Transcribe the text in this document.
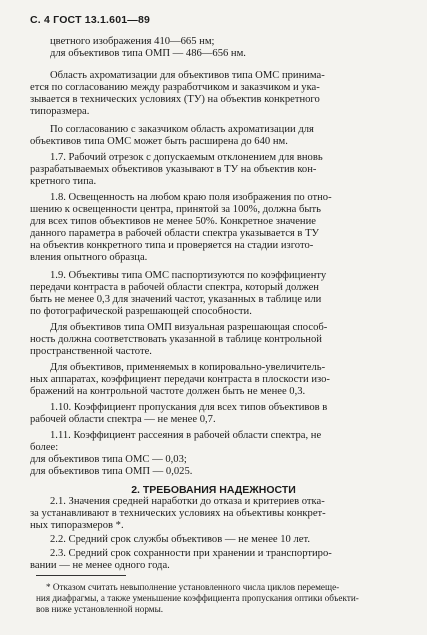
С. 4 ГОСТ 13.1.601—89
цветного изображения 410—665 нм;
для объективов типа ОМП — 486—656 нм.
Область ахроматизации для объективов типа ОМС принима-
ется по согласованию между разработчиком и заказчиком и ука-
зывается в технических условиях (ТУ) на объектив конкретного
типоразмера.
По согласованию с заказчиком область ахроматизации для
объективов типа ОМС может быть расширена до 640 нм.
1.7. Рабочий отрезок с допускаемым отклонением для вновь
разрабатываемых объективов указывают в ТУ на объектив кон-
кретного типа.
1.8. Освещенность на любом краю поля изображения по отно-
шению к освещенности центра, принятой за 100%, должна быть
для всех типов объективов не менее 50%. Конкретное значение
данного параметра в рабочей области спектра указывается в ТУ
на объектив конкретного типа и проверяется на стадии изгото-
вления опытного образца.
1.9. Объективы типа ОМС паспортизуются по коэффициенту
передачи контраста в рабочей области спектра, который должен
быть не менее 0,3 для значений частот, указанных в таблице или
по фотографической разрешающей способности.
Для объективов типа ОМП визуальная разрешающая способ-
ность должна соответствовать указанной в таблице контрольной
пространственной частоте.
Для объективов, применяемых в копировально-увеличитель-
ных аппаратах, коэффициент передачи контраста в плоскости изо-
бражений на контрольной частоте должен быть не менее 0,3.
1.10. Коэффициент пропускания для всех типов объективов в
рабочей области спектра — не менее 0,7.
1.11. Коэффициент рассеяния в рабочей области спектра, не
более:
2. ТРЕБОВАНИЯ НАДЕЖНОСТИ
2.1. Значения средней наработки до отказа и критериев отка-
за устанавливают в технических условиях на объективы конкрет-
ных типоразмеров *.
2.2. Средний срок службы объективов — не менее 10 лет.
2.3. Средний срок сохранности при хранении и транспортиро-
вании — не менее одного года.
* Отказом считать невыполнение установленного числа циклов перемеще-
ния диафрагмы, а также уменьшение коэффициента пропускания оптики объекти-
вов ниже установленной нормы.
для объективов типа ОМС — 0,03;
для объективов типа ОМП — 0,025.
